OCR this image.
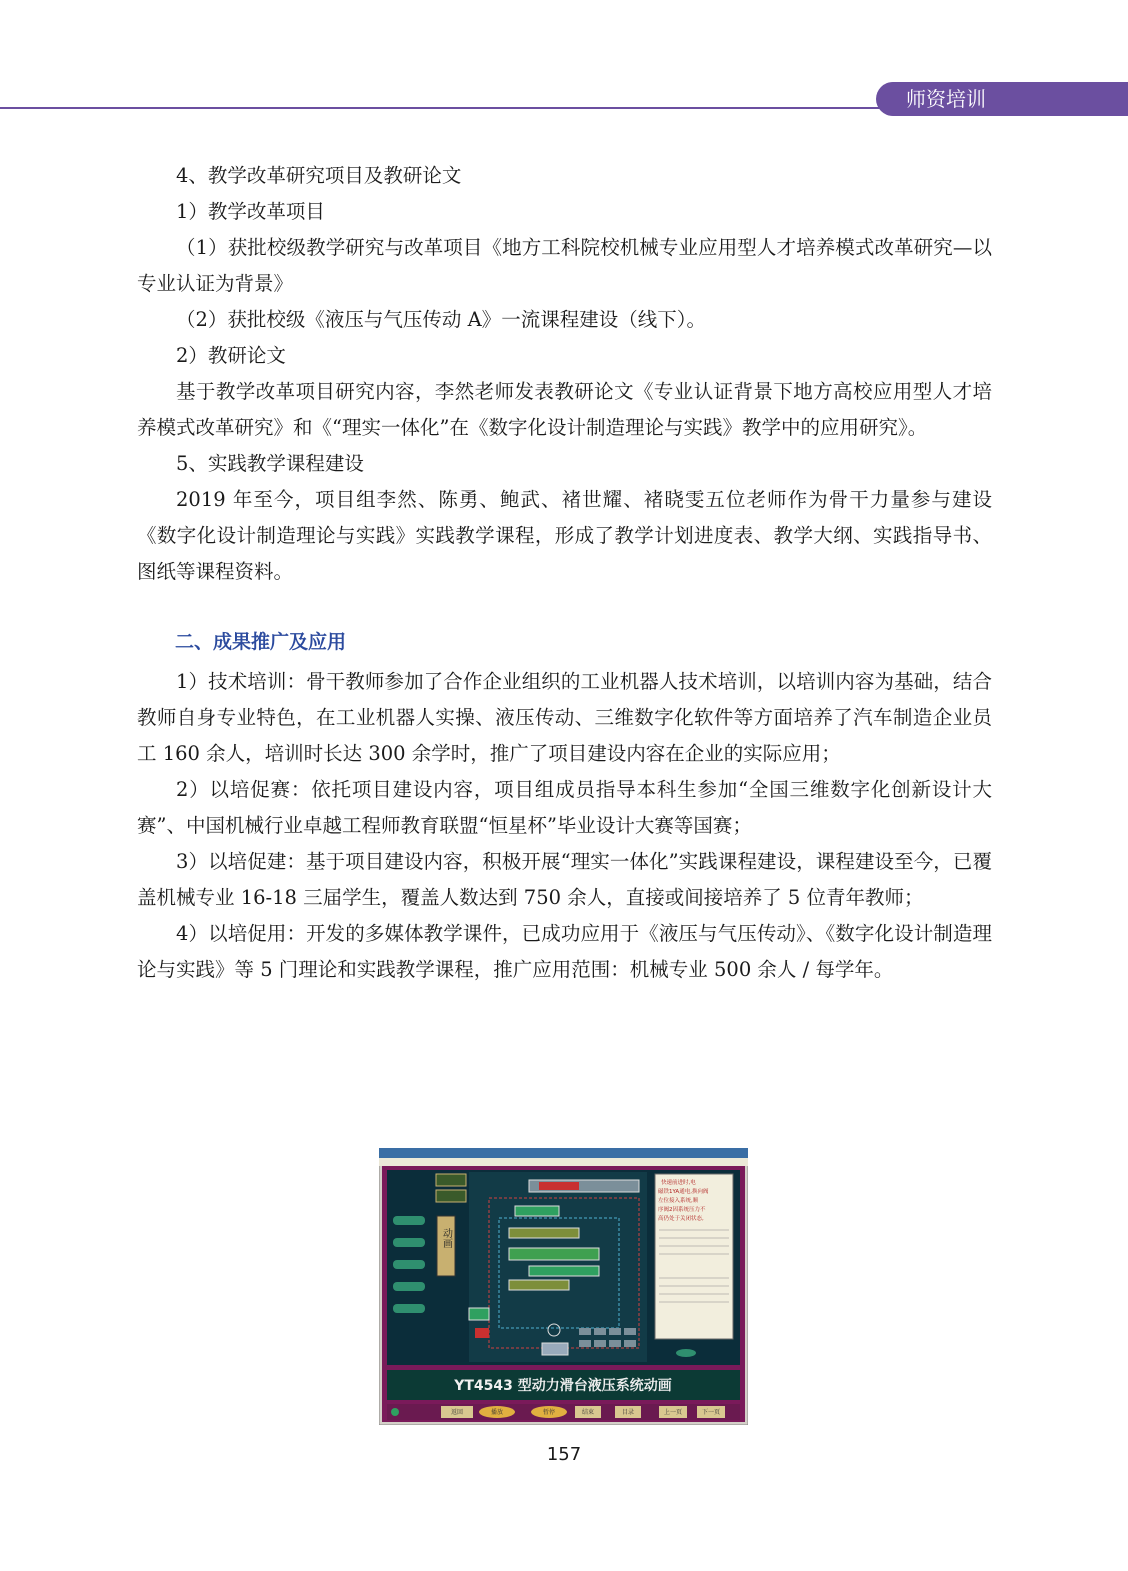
师资培训

4、教学改革研究项目及教研论文

1）教学改革项目

（1）获批校级教学研究与改革项目《地方工科院校机械专业应用型人才培养模式改革研究—以专业认证为背景》

（2）获批校级《液压与气压传动 A》一流课程建设（线下）。

2）教研论文

基于教学改革项目研究内容，李然老师发表教研论文《专业认证背景下地方高校应用型人才培养模式改革研究》和《“理实一体化”在《数字化设计制造理论与实践》教学中的应用研究》。

5、实践教学课程建设

2019 年至今，项目组李然、陈勇、鲍武、褚世耀、褚晓雯五位老师作为骨干力量参与建设《数字化设计制造理论与实践》实践教学课程，形成了教学计划进度表、教学大纲、实践指导书、图纸等课程资料。

二、成果推广及应用

1）技术培训：骨干教师参加了合作企业组织的工业机器人技术培训，以培训内容为基础，结合教师自身专业特色，在工业机器人实操、液压传动、三维数字化软件等方面培养了汽车制造企业员工 160 余人，培训时长达 300 余学时，推广了项目建设内容在企业的实际应用；

2）以培促赛：依托项目建设内容，项目组成员指导本科生参加“全国三维数字化创新设计大赛”、中国机械行业卓越工程师教育联盟“恒星杯”毕业设计大赛等国赛；

3）以培促建：基于项目建设内容，积极开展“理实一体化”实践课程建设，课程建设至今，已覆盖机械专业 16-18 三届学生，覆盖人数达到 750 余人，直接或间接培养了 5 位青年教师；

4）以培促用：开发的多媒体教学课件，已成功应用于《液压与气压传动》、《数字化设计制造理论与实践》等 5 门理论和实践教学课程，推广应用范围：机械专业 500 余人 / 每学年。

动画
快速前进时,电 磁铁1YA通电,换向阀 左位接入系统,顺 序阀2因系统压力不 高仍处于关闭状态,
YT4543 型动力滑台液压系统动画
返回	播放	暂停	结束	目录	上一页	下一页
157
